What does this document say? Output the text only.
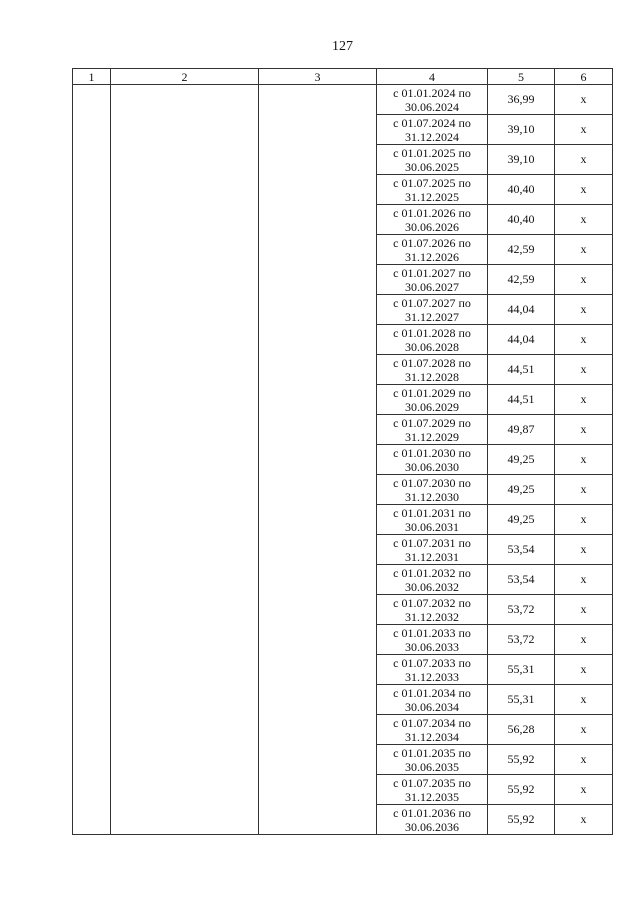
127
1	2	3	4	5	6

			с 01.01.2024 по
30.06.2024	36,99	х

			с 01.07.2024 по
31.12.2024	39,10	х

			с 01.01.2025 по
30.06.2025	39,10	х

			с 01.07.2025 по
31.12.2025	40,40	х

			с 01.01.2026 по
30.06.2026	40,40	х

			с 01.07.2026 по
31.12.2026	42,59	х

			с 01.01.2027 по
30.06.2027	42,59	х

			с 01.07.2027 по
31.12.2027	44,04	х

			с 01.01.2028 по
30.06.2028	44,04	х

			с 01.07.2028 по
31.12.2028	44,51	х

			с 01.01.2029 по
30.06.2029	44,51	х

			с 01.07.2029 по
31.12.2029	49,87	х

			с 01.01.2030 по
30.06.2030	49,25	х

			с 01.07.2030 по
31.12.2030	49,25	х

			с 01.01.2031 по
30.06.2031	49,25	х

			с 01.07.2031 по
31.12.2031	53,54	х

			с 01.01.2032 по
30.06.2032	53,54	х

			с 01.07.2032 по
31.12.2032	53,72	х

			с 01.01.2033 по
30.06.2033	53,72	х

			с 01.07.2033 по
31.12.2033	55,31	х

			с 01.01.2034 по
30.06.2034	55,31	х

			с 01.07.2034 по
31.12.2034	56,28	х

			с 01.01.2035 по
30.06.2035	55,92	х

			с 01.07.2035 по
31.12.2035	55,92	х

			с 01.01.2036 по
30.06.2036	55,92	х
